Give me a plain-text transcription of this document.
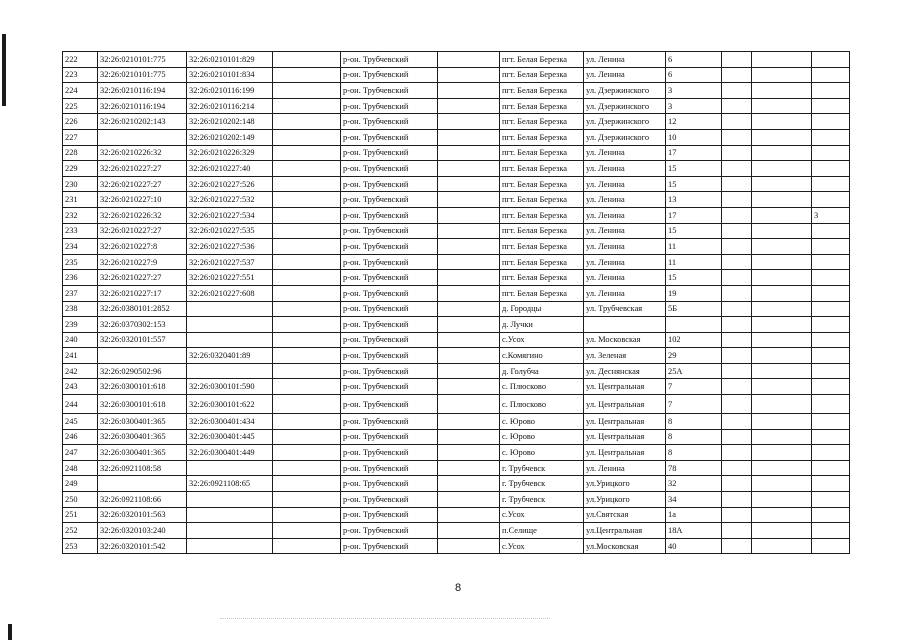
222	32:26:0210101:775	32:26:0210101:829		р-он. Трубчевский		пгт. Белая Березка	ул. Ленина	6			
223	32:26:0210101:775	32:26:0210101:834		р-он. Трубчевский		пгт. Белая Березка	ул. Ленина	6			
224	32:26:0210116:194	32:26:0210116:199		р-он. Трубчевский		пгт. Белая Березка	ул. Дзержинского	3			
225	32:26:0210116:194	32:26:0210116:214		р-он. Трубчевский		пгт. Белая Березка	ул. Дзержинского	3			
226	32:26:0210202:143	32:26:0210202:148		р-он. Трубчевский		пгт. Белая Березка	ул. Дзержинского	12			
227		32:26:0210202:149		р-он. Трубчевский		пгт. Белая Березка	ул. Дзержинского	10			
228	32:26:0210226:32	32:26:0210226:329		р-он. Трубчевский		пгт. Белая Березка	ул. Ленина	17			
229	32:26:0210227:27	32:26:0210227:40		р-он. Трубчевский		пгт. Белая Березка	ул. Ленина	15			
230	32:26:0210227:27	32:26:0210227:526		р-он. Трубчевский		пгт. Белая Березка	ул. Ленина	15			
231	32:26:0210227:10	32:26:0210227:532		р-он. Трубчевский		пгт. Белая Березка	ул. Ленина	13			
232	32:26:0210226:32	32:26:0210227:534		р-он. Трубчевский		пгт. Белая Березка	ул. Ленина	17			3
233	32:26:0210227:27	32:26:0210227:535		р-он. Трубчевский		пгт. Белая Березка	ул. Ленина	15			
234	32:26:0210227:8	32:26:0210227:536		р-он. Трубчевский		пгт. Белая Березка	ул. Ленина	11			
235	32:26:0210227:9	32:26:0210227:537		р-он. Трубчевский		пгт. Белая Березка	ул. Ленина	11			
236	32:26:0210227:27	32:26:0210227:551		р-он. Трубчевский		пгт. Белая Березка	ул. Ленина	15			
237	32:26:0210227:17	32:26:0210227:608		р-он. Трубчевский		пгт. Белая Березка	ул. Ленина	19			
238	32:26:0380101:2852			р-он. Трубчевский		д. Городцы	ул. Трубчевская	5Б			
239	32:26:0370302:153			р-он. Трубчевский		д. Лучки					
240	32:26:0320101:557			р-он. Трубчевский		с.Усох	ул. Московская	102			
241		32:26:0320401:89		р-он. Трубчевский		с.Комягино	ул. Зеленая	29			
242	32:26:0290502:96			р-он. Трубчевский		д. Голубча	ул. Деснянская	25А			
243	32:26:0300101:618	32:26:0300101:590		р-он. Трубчевский		с. Плюсково	ул. Центральная	7			
244	32:26:0300101:618	32:26:0300101:622		р-он. Трубчевский		с. Плюсково	ул. Центральная	7			
245	32:26:0300401:365	32:26:0300401:434		р-он. Трубчевский		с. Юрово	ул. Центральная	8			
246	32:26:0300401:365	32:26:0300401:445		р-он. Трубчевский		с. Юрово	ул. Центральная	8			
247	32:26:0300401:365	32:26:0300401:449		р-он. Трубчевский		с. Юрово	ул. Центральная	8			
248	32:26:0921108:58			р-он. Трубчевский		г. Трубчевск	ул. Ленина	78			
249		32:26:0921108:65		р-он. Трубчевский		г. Трубчевск	ул.Урицкого	32			
250	32:26:0921108:66			р-он. Трубчевский		г. Трубчевск	ул.Урицкого	34			
251	32:26:0320101:563			р-он. Трубчевский		с.Усох	ул.Святская	1а			
252	32:26:0320103:240			р-он. Трубчевский		п.Селище	ул.Центральная	18А			
253	32:26:0320101:542			р-он. Трубчевский		с.Усох	ул.Московская	40			
8
